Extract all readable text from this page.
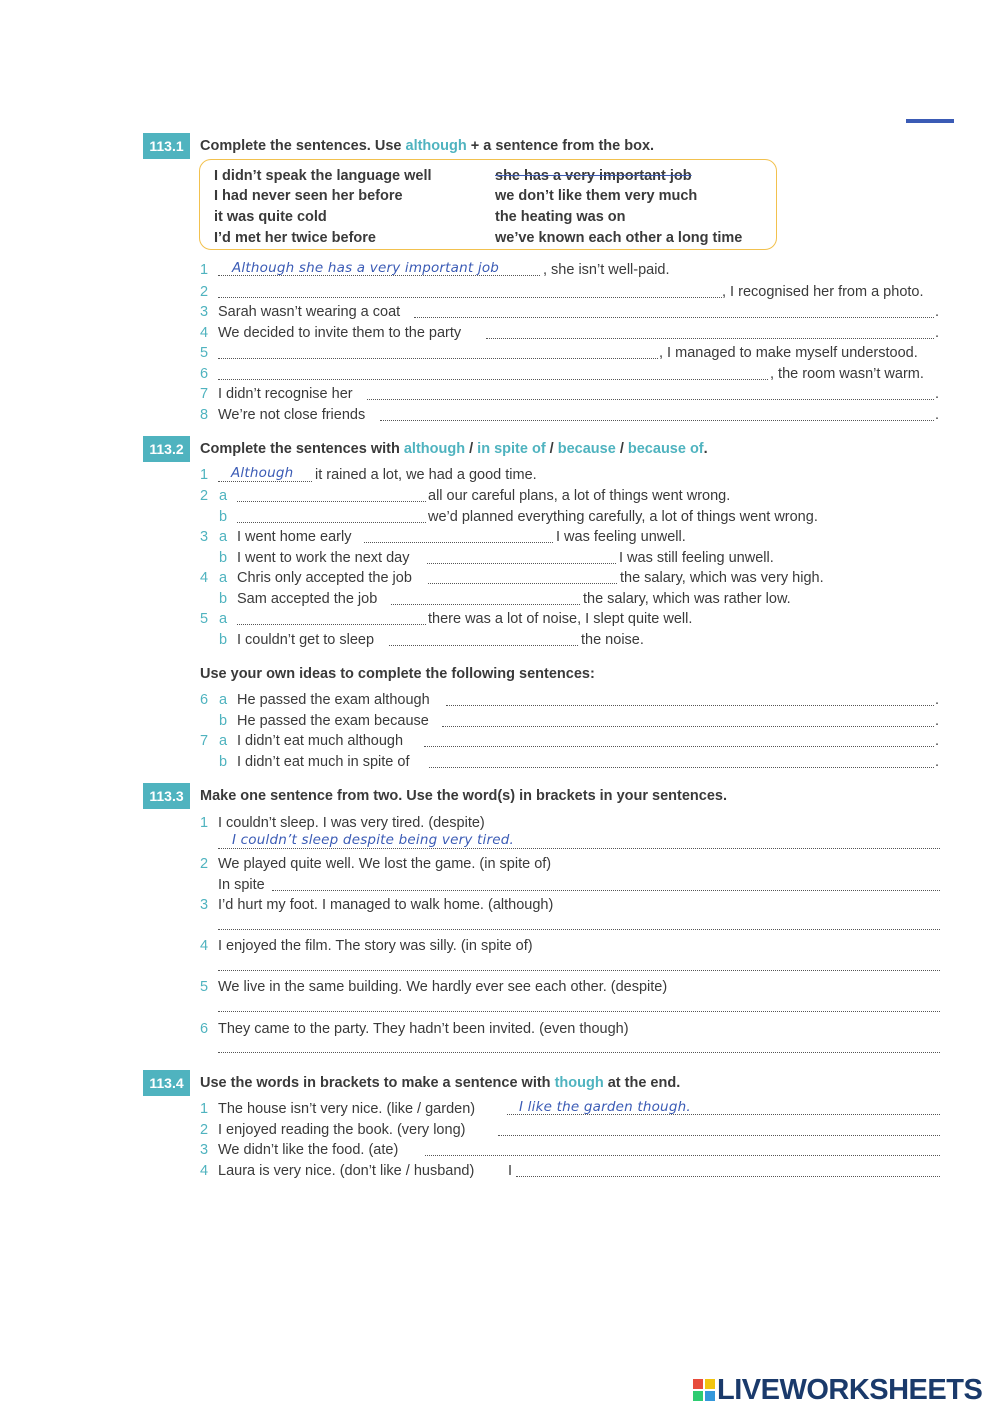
113.1	Complete the sentences. Use although + a sentence from the box.
I didn’t speak the language well
I had never seen her before
it was quite cold
I’d met her twice before
she has a very important job
we don’t like them very much
the heating was on
we’ve known each other a long time
1 Although she has a very important job	, she isn’t well-paid.
2	, I recognised her from a photo.
3 Sarah wasn’t wearing a coat	.
4 We decided to invite them to the party	.
5	, I managed to make myself understood.
6	, the room wasn’t warm.
7 I didn’t recognise her	.
8 We’re not close friends	.
113.2	Complete the sentences with although / in spite of / because / because of.
1 Although it rained a lot, we had a good time.
2 a	all our careful plans, a lot of things went wrong.
b	we’d planned everything carefully, a lot of things went wrong.
3 a I went home early	I was feeling unwell.
b I went to work the next day	I was still feeling unwell.
4 a Chris only accepted the job	the salary, which was very high.
b Sam accepted the job	the salary, which was rather low.
5 a	there was a lot of noise, I slept quite well.
b I couldn’t get to sleep	the noise.
Use your own ideas to complete the following sentences:
6 a He passed the exam although	.
b He passed the exam because	.
7 a I didn’t eat much although	.
b I didn’t eat much in spite of	.
113.3	Make one sentence from two. Use the word(s) in brackets in your sentences.
1 I couldn’t sleep. I was very tired. (despite)
I couldn’t sleep despite being very tired.
2 We played quite well. We lost the game. (in spite of)
In spite
3 I’d hurt my foot. I managed to walk home. (although)
4 I enjoyed the film. The story was silly. (in spite of)
5 We live in the same building. We hardly ever see each other. (despite)
6 They came to the party. They hadn’t been invited. (even though)
113.4	Use the words in brackets to make a sentence with though at the end.
1 The house isn’t very nice. (like / garden)	I like the garden though.
2 I enjoyed reading the book. (very long)
3 We didn’t like the food. (ate)
4 Laura is very nice. (don’t like / husband) I
LIVEWORKSHEETS
